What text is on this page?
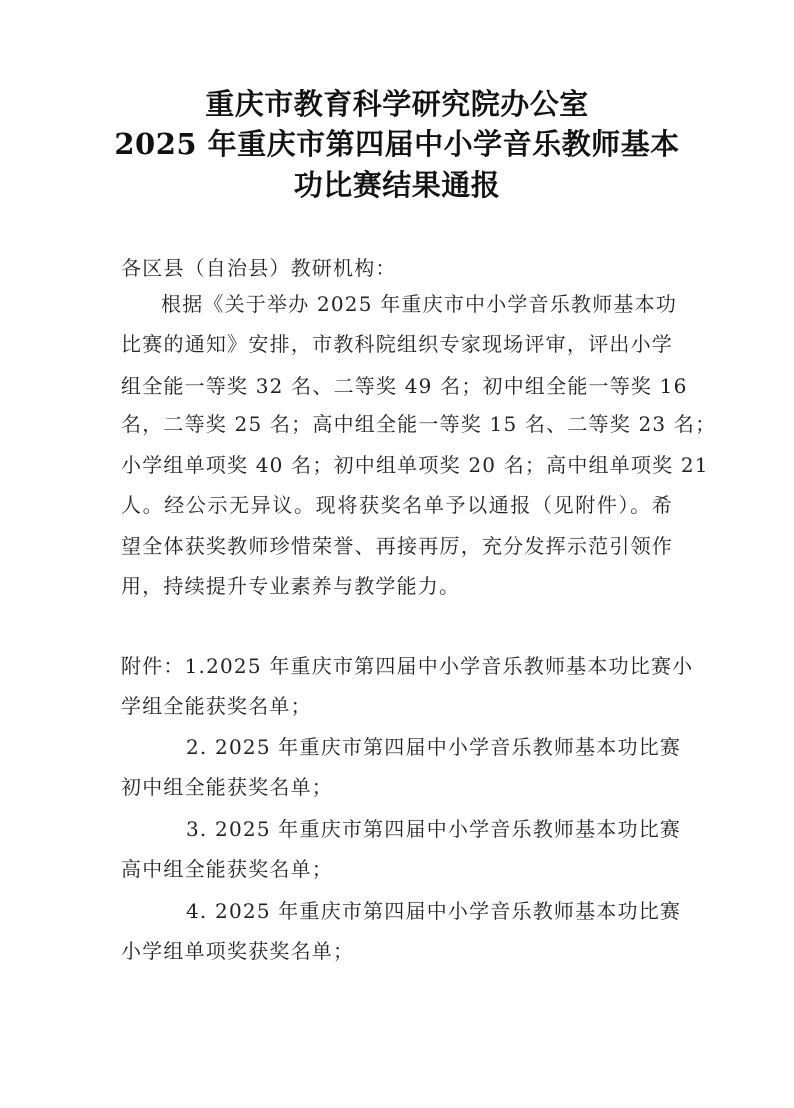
重庆市教育科学研究院办公室
2025 年重庆市第四届中小学音乐教师基本
功比赛结果通报
各区县（自治县）教研机构：
根据《关于举办 2025 年重庆市中小学音乐教师基本功
比赛的通知》安排，市教科院组织专家现场评审，评出小学
组全能一等奖 32 名、二等奖 49 名；初中组全能一等奖 16
名，二等奖 25 名；高中组全能一等奖 15 名、二等奖 23 名；
小学组单项奖 40 名；初中组单项奖 20 名；高中组单项奖 21
人。经公示无异议。现将获奖名单予以通报（见附件）。希
望全体获奖教师珍惜荣誉、再接再厉，充分发挥示范引领作
用，持续提升专业素养与教学能力。
附件：1.2025 年重庆市第四届中小学音乐教师基本功比赛小
学组全能获奖名单；
2. 2025 年重庆市第四届中小学音乐教师基本功比赛
初中组全能获奖名单；
3. 2025 年重庆市第四届中小学音乐教师基本功比赛
高中组全能获奖名单；
4. 2025 年重庆市第四届中小学音乐教师基本功比赛
小学组单项奖获奖名单；
